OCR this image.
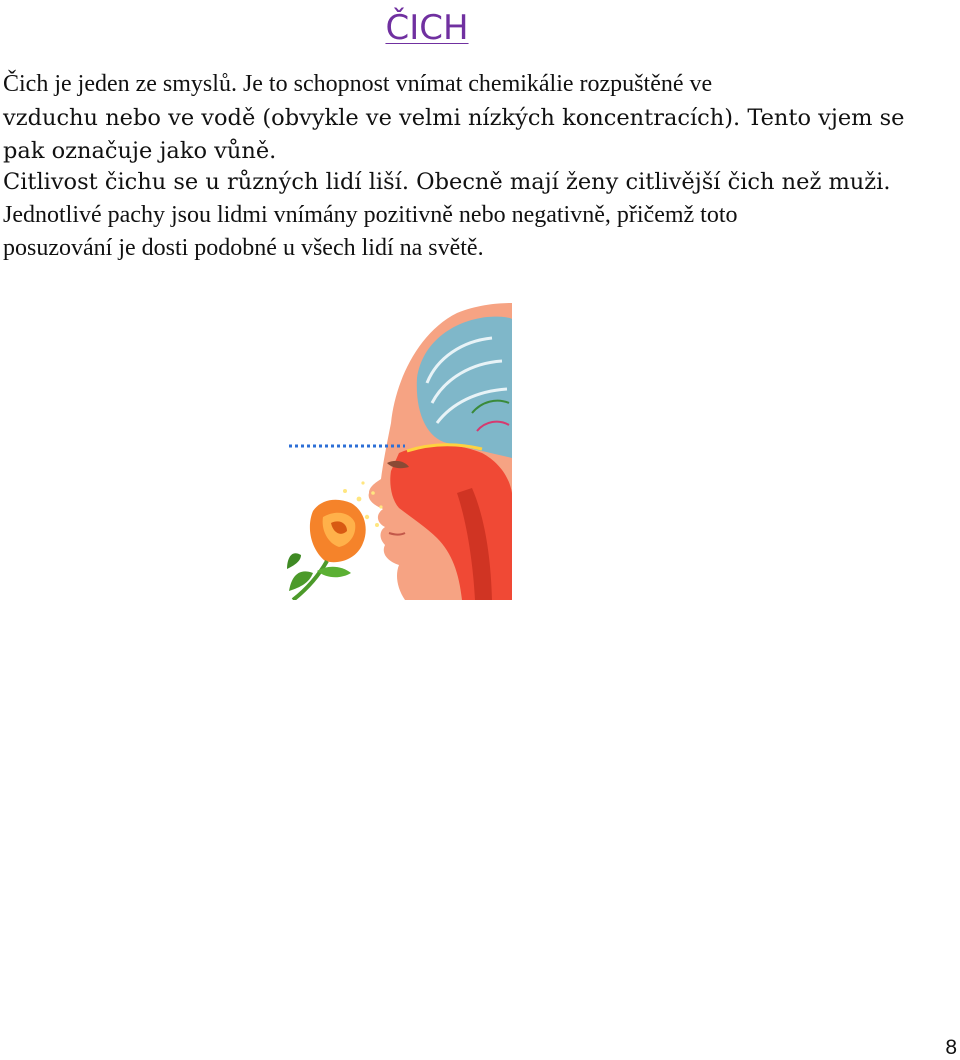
ČICH

Čich je jeden ze smyslů. Je to schopnost vnímat chemikálie rozpuštěné ve

vzduchu nebo ve vodě (obvykle ve velmi nízkých koncentracích). Tento vjem se

pak označuje jako vůně.

Citlivost čichu se u různých lidí liší. Obecně mají ženy citlivější čich než muži.

Jednotlivé pachy jsou lidmi vnímány pozitivně nebo negativně, přičemž toto

posuzování je dosti podobné u všech lidí na světě.

8
